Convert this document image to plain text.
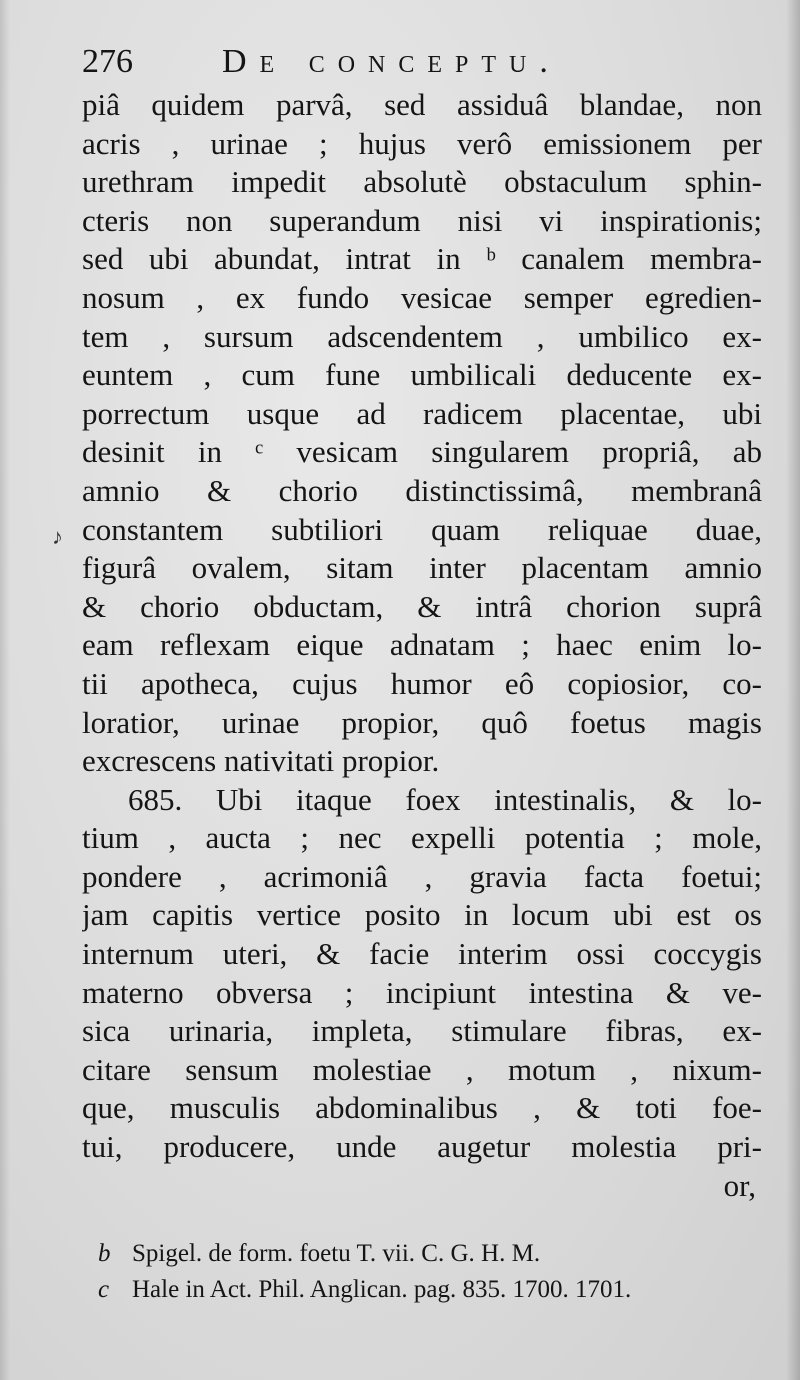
276	De conceptu.
♪
piâ quidem parvâ, sed assiduâ blandae, non
acris , urinae ; hujus verô emissionem per
urethram impedit absolutè obstaculum sphin-
cteris non superandum nisi vi inspirationis;
sed ubi abundat, intrat in ᵇ canalem membra-
nosum , ex fundo vesicae semper egredien-
tem , sursum adscendentem , umbilico ex-
euntem , cum fune umbilicali deducente ex-
porrectum usque ad radicem placentae, ubi
desinit in ᶜ vesicam singularem propriâ, ab
amnio & chorio distinctissimâ, membranâ
constantem subtiliori quam reliquae duae,
figurâ ovalem, sitam inter placentam amnio
& chorio obductam, & intrâ chorion suprâ
eam reflexam eique adnatam ; haec enim lo-
tii apotheca, cujus humor eô copiosior, co-
loratior, urinae propior, quô foetus magis
excrescens nativitati propior.
685. Ubi itaque foex intestinalis, & lo-
tium , aucta ; nec expelli potentia ; mole,
pondere , acrimoniâ , gravia facta foetui;
jam capitis vertice posito in locum ubi est os
internum uteri, & facie interim ossi coccygis
materno obversa ; incipiunt intestina & ve-
sica urinaria, impleta, stimulare fibras, ex-
citare sensum molestiae , motum , nixum-
que, musculis abdominalibus , & toti foe-
tui, producere, unde augetur molestia pri-
or,
b Spigel. de form. foetu T. vii. C. G. H. M.
c Hale in Act. Phil. Anglican. pag. 835. 1700. 1701.
